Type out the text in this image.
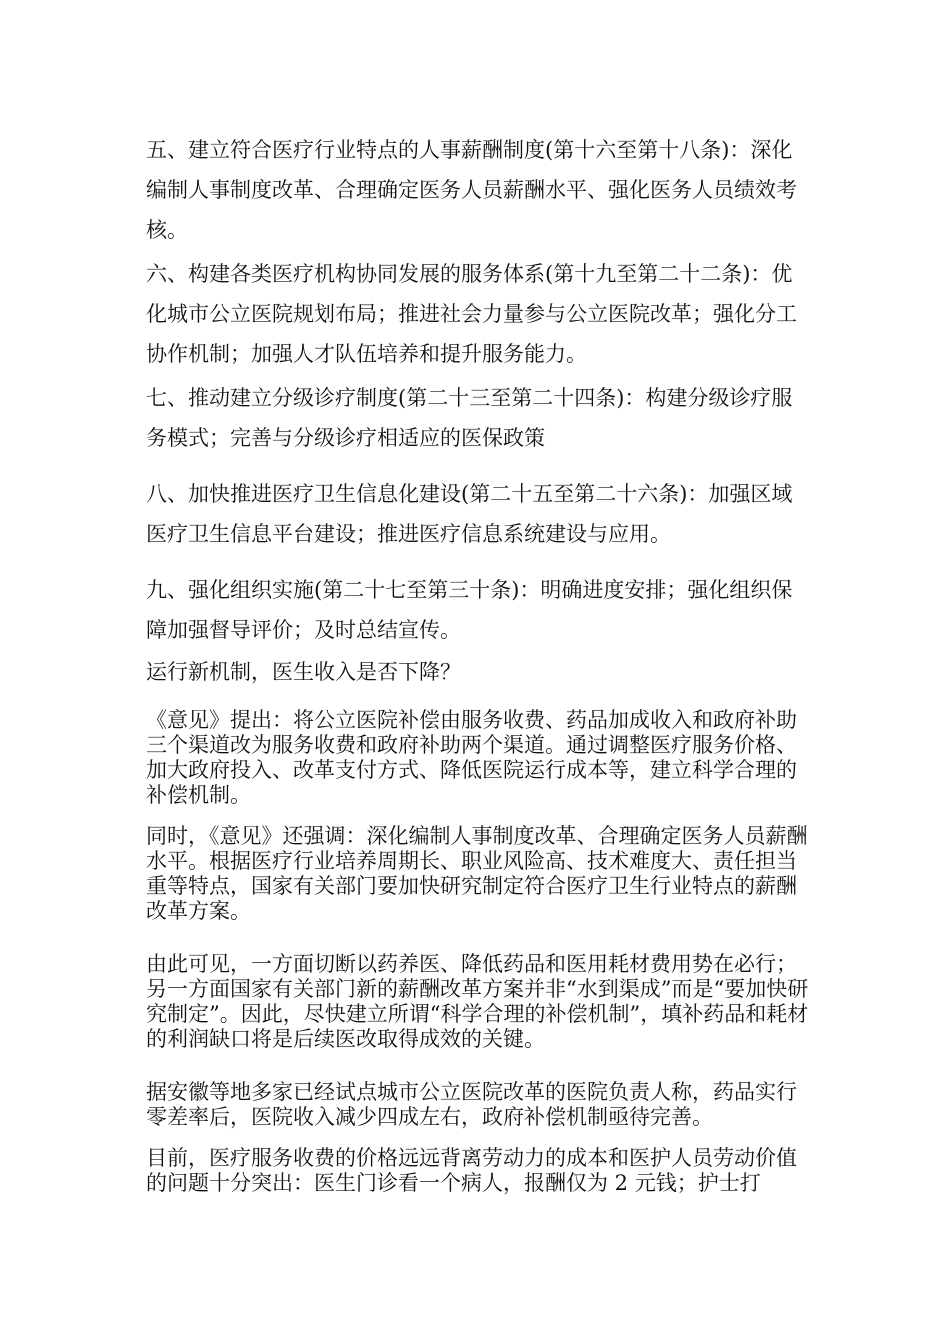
五、建立符合医疗行业特点的人事薪酬制度(第十六至第十八条)：深化编制人事制度改革、合理确定医务人员薪酬水平、强化医务人员绩效考核。

六、构建各类医疗机构协同发展的服务体系(第十九至第二十二条)：优化城市公立医院规划布局；推进社会力量参与公立医院改革；强化分工协作机制；加强人才队伍培养和提升服务能力。

七、推动建立分级诊疗制度(第二十三至第二十四条)：构建分级诊疗服务模式；完善与分级诊疗相适应的医保政策

八、加快推进医疗卫生信息化建设(第二十五至第二十六条)：加强区域医疗卫生信息平台建设；推进医疗信息系统建设与应用。

九、强化组织实施(第二十七至第三十条)：明确进度安排；强化组织保障加强督导评价；及时总结宣传。

运行新机制，医生收入是否下降？

《意见》提出：将公立医院补偿由服务收费、药品加成收入和政府补助三个渠道改为服务收费和政府补助两个渠道。通过调整医疗服务价格、加大政府投入、改革支付方式、降低医院运行成本等，建立科学合理的补偿机制。

同时，《意见》还强调：深化编制人事制度改革、合理确定医务人员薪酬水平。根据医疗行业培养周期长、职业风险高、技术难度大、责任担当重等特点，国家有关部门要加快研究制定符合医疗卫生行业特点的薪酬改革方案。

由此可见，一方面切断以药养医、降低药品和医用耗材费用势在必行；另一方面国家有关部门新的薪酬改革方案并非“水到渠成”而是“要加快研究制定”。因此，尽快建立所谓“科学合理的补偿机制”，填补药品和耗材的利润缺口将是后续医改取得成效的关键。

据安徽等地多家已经试点城市公立医院改革的医院负责人称，药品实行零差率后，医院收入减少四成左右，政府补偿机制亟待完善。

目前，医疗服务收费的价格远远背离劳动力的成本和医护人员劳动价值的问题十分突出：医生门诊看一个病人，报酬仅为 2 元钱；护士打
